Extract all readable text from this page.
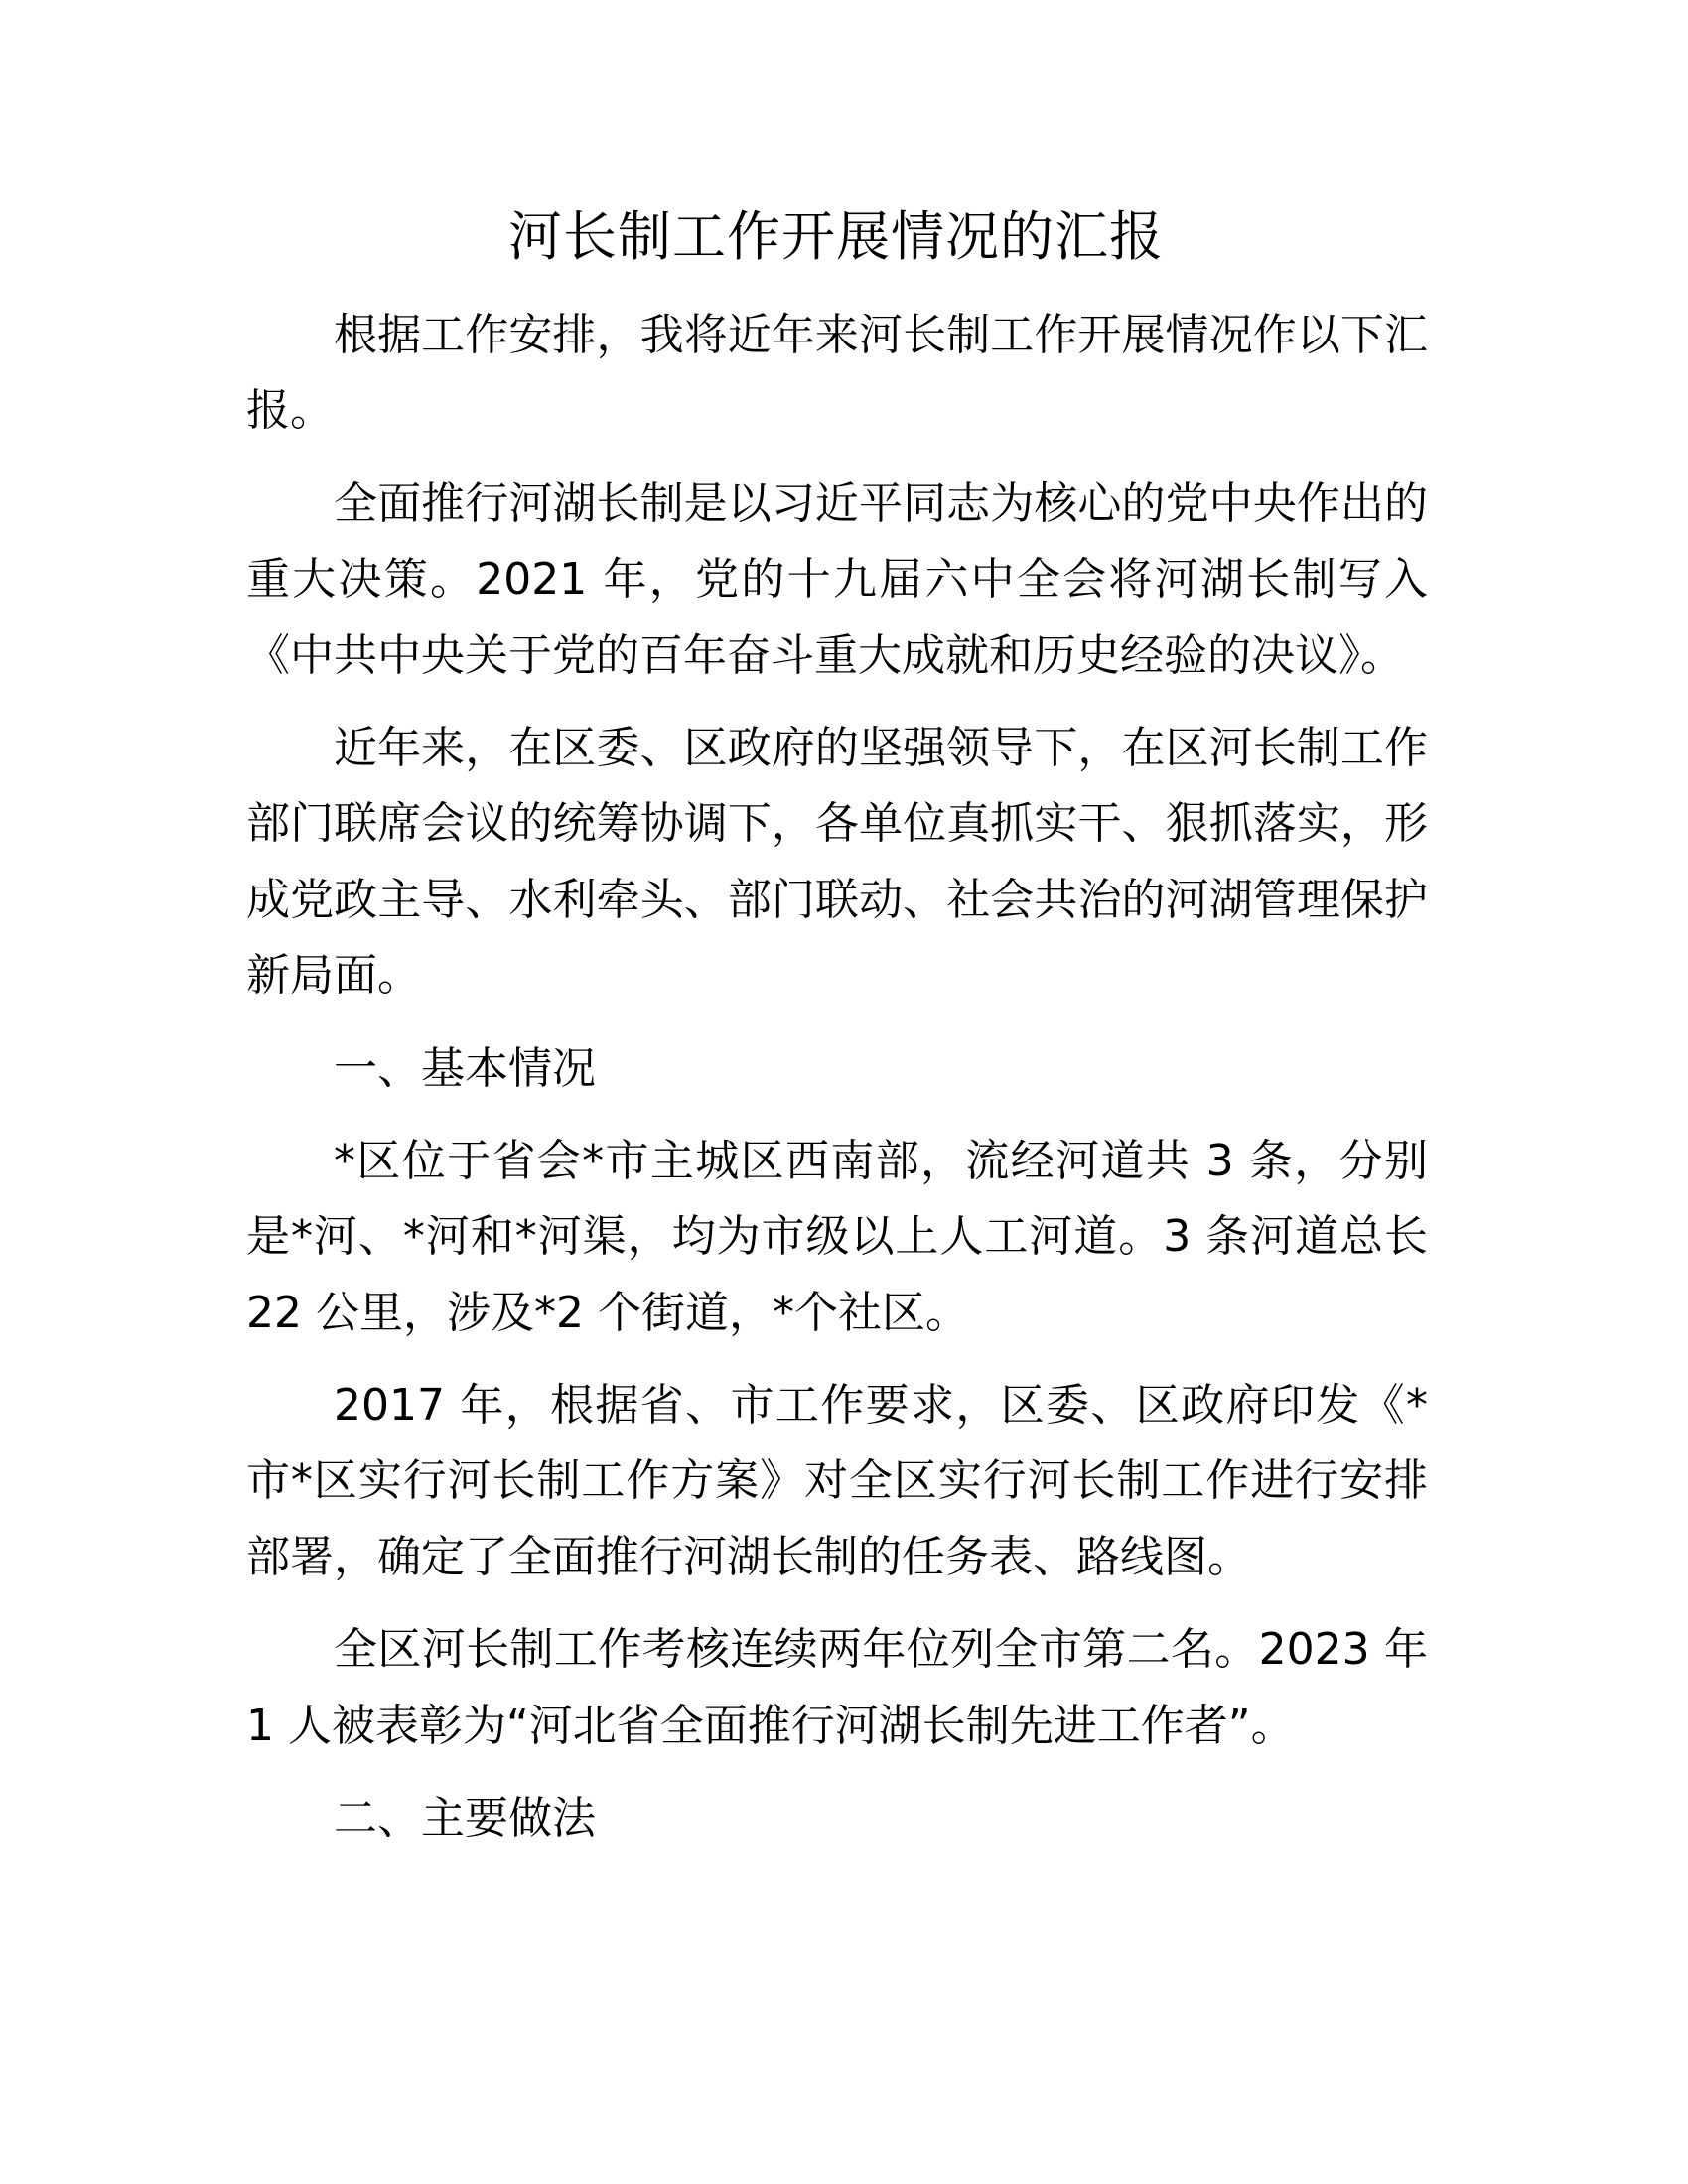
河长制工作开展情况的汇报
根据工作安排，我将近年来河长制工作开展情况作以下汇
报。
全面推行河湖长制是以习近平同志为核心的党中央作出的
重大决策。2021 年，党的十九届六中全会将河湖长制写入
《中共中央关于党的百年奋斗重大成就和历史经验的决议》。
近年来，在区委、区政府的坚强领导下，在区河长制工作
部门联席会议的统筹协调下，各单位真抓实干、狠抓落实，形
成党政主导、水利牵头、部门联动、社会共治的河湖管理保护
新局面。
一、基本情况
*区位于省会*市主城区西南部，流经河道共 3 条，分别
是*河、*河和*河渠，均为市级以上人工河道。3 条河道总长
22 公里，涉及*2 个街道，*个社区。
2017 年，根据省、市工作要求，区委、区政府印发《*
市*区实行河长制工作方案》对全区实行河长制工作进行安排
部署，确定了全面推行河湖长制的任务表、路线图。
全区河长制工作考核连续两年位列全市第二名。2023 年
1 人被表彰为“河北省全面推行河湖长制先进工作者”。
二、主要做法
